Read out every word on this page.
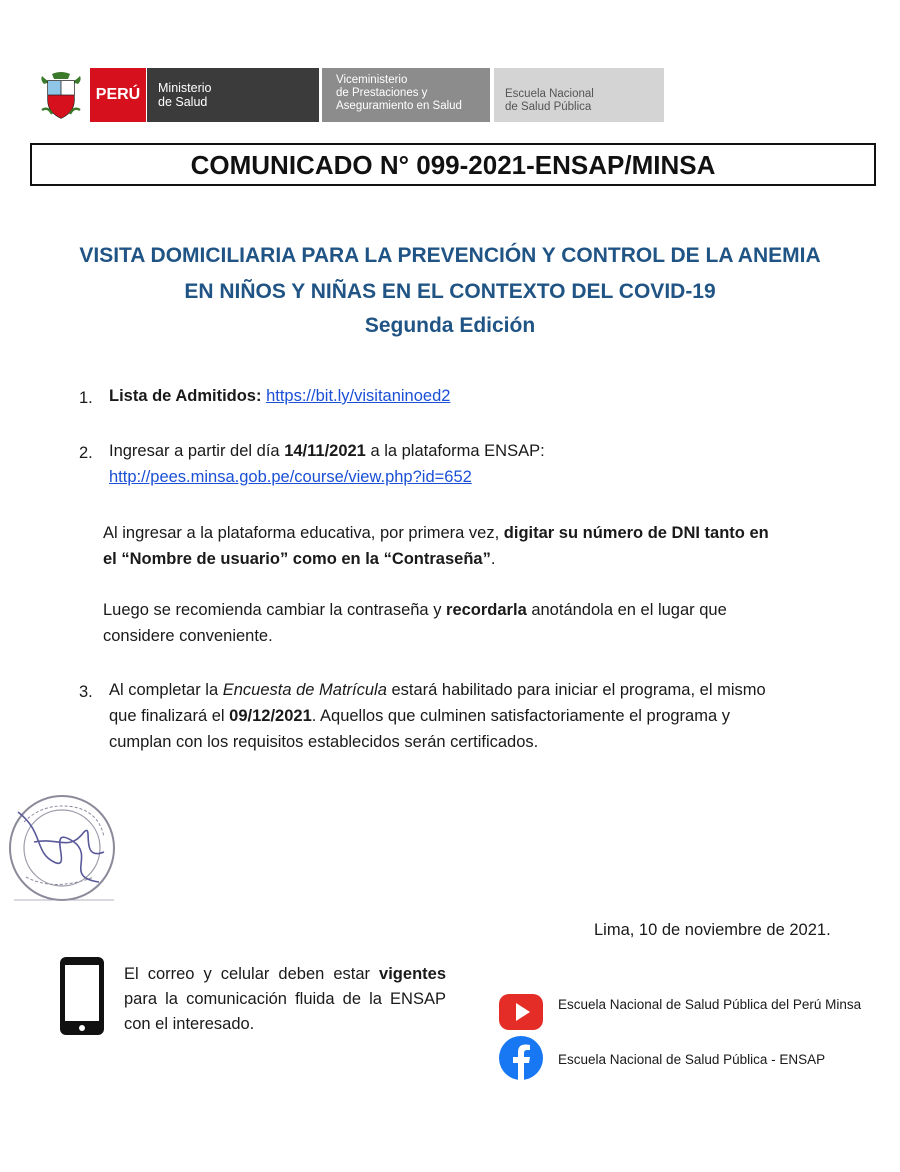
PERÚ	Ministerio
de Salud
Viceministerio
de Prestaciones y
Aseguramiento en Salud
Escuela Nacional
de Salud Pública
COMUNICADO N° 099-2021-ENSAP/MINSA
VISITA DOMICILIARIA PARA LA PREVENCIÓN Y CONTROL DE LA ANEMIA
EN NIÑOS Y NIÑAS EN EL CONTEXTO DEL COVID-19
Segunda Edición
1. Lista de Admitidos: https://bit.ly/visitaninoed2
2. Ingresar a partir del día 14/11/2021 a la plataforma ENSAP:
http://pees.minsa.gob.pe/course/view.php?id=652
Al ingresar a la plataforma educativa, por primera vez, digitar su número de DNI tanto en
el “Nombre de usuario” como en la “Contraseña”.
Luego se recomienda cambiar la contraseña y recordarla anotándola en el lugar que
considere conveniente.
3. Al completar la Encuesta de Matrícula estará habilitado para iniciar el programa, el mismo
que finalizará el 09/12/2021. Aquellos que culminen satisfactoriamente el programa y
cumplan con los requisitos establecidos serán certificados.
Lima, 10 de noviembre de 2021.
El correo y celular deben estar vigentes para la comunicación fluida de la ENSAP con el interesado.
Escuela Nacional de Salud Pública del Perú Minsa
Escuela Nacional de Salud Pública - ENSAP
